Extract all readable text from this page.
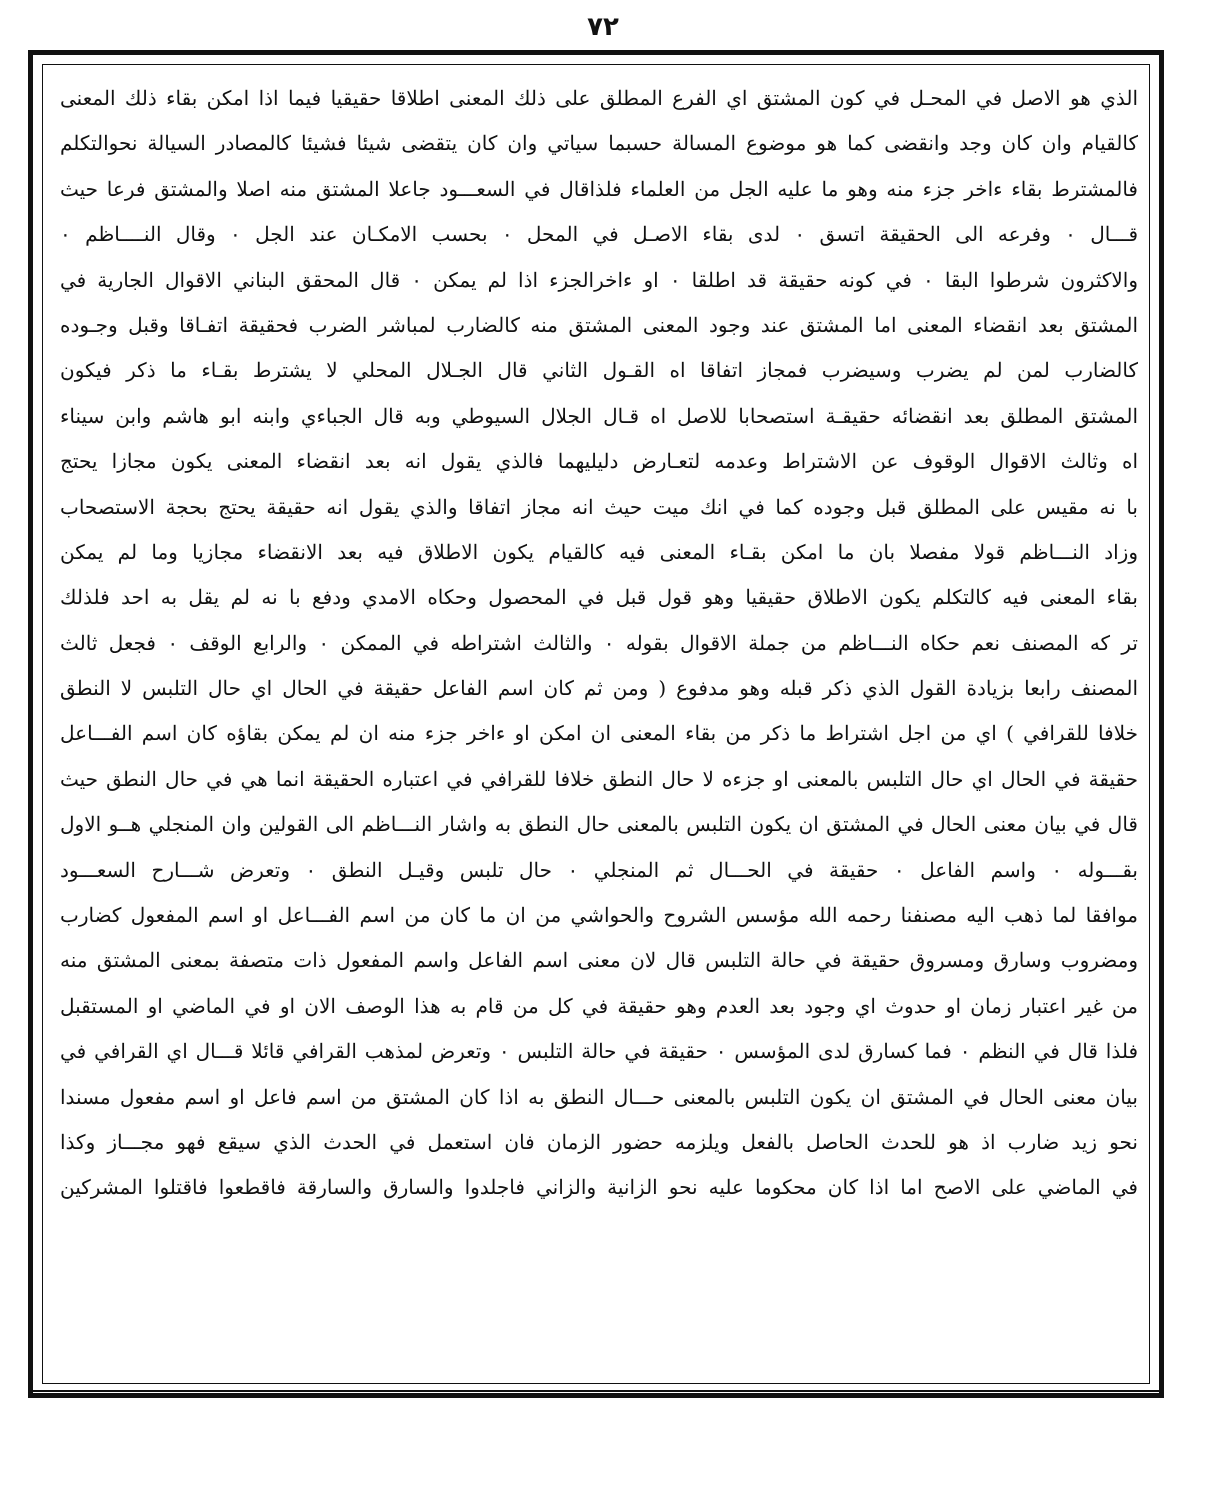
٧٢
الذي هو الاصل في المحـل في كون المشتق اي الفرع المطلق على ذلك المعنى اطلاقا حقيقيا فيما اذا امكن بقاء ذلك المعنى
كالقيام وان كان وجد وانقضى كما هو موضوع المسالة حسبما سياتي وان كان يتقضى شيئا فشيئا كالمصادر السيالة نحوالتكلم
فالمشترط بقاء ءاخر جزء منه وهو ما عليه الجل من العلماء فلذاقال في السعـــود جاعلا المشتق منه اصلا والمشتق فرعا حيث
قـــال ٠ وفرعه الى الحقيقة اتسق ٠ لدى بقاء الاصـل في المحل ٠ بحسب الامكـان عند الجل ٠ وقال النــــاظم ٠
والاكثرون شرطوا البقا ٠ في كونه حقيقة قد اطلقا ٠ او ءاخرالجزء اذا لم يمكن ٠ قال المحقق البناني الاقوال الجارية في
المشتق بعد انقضاء المعنى اما المشتق عند وجود المعنى المشتق منه كالضارب لمباشر الضرب فحقيقة اتفـاقا وقبل وجـوده
كالضارب لمن لم يضرب وسيضرب فمجاز اتفاقا اه القـول الثاني قال الجـلال المحلي لا يشترط بقـاء ما ذكر فيكون
المشتق المطلق بعد انقضائه حقيقـة استصحابا للاصل اه قـال الجلال السيوطي وبه قال الجباءي وابنه ابو هاشم وابن سيناء
اه وثالث الاقوال الوقوف عن الاشتراط وعدمه لتعـارض دليليهما فالذي يقول انه بعد انقضاء المعنى يكون مجازا يحتج
با نه مقيس على المطلق قبل وجوده كما في انك ميت حيث انه مجاز اتفاقا والذي يقول انه حقيقة يحتج بحجة الاستصحاب
وزاد النـــاظم قولا مفصلا بان ما امكن بقـاء المعنى فيه كالقيام يكون الاطلاق فيه بعد الانقضاء مجازيا وما لم يمكن
بقاء المعنى فيه كالتكلم يكون الاطلاق حقيقيا وهو قول قبل في المحصول وحكاه الامدي ودفع با نه لم يقل به احد فلذلك
تر كه المصنف نعم حكاه النـــاظم من جملة الاقوال بقوله ٠ والثالث اشتراطه في الممكن ٠ والرابع الوقف ٠ فجعل ثالث
المصنف رابعا بزيادة القول الذي ذكر قبله وهو مدفوع ( ومن ثم كان اسم الفاعل حقيقة في الحال اي حال التلبس لا النطق
خلافا للقرافي ) اي من اجل اشتراط ما ذكر من بقاء المعنى ان امكن او ءاخر جزء منه ان لم يمكن بقاؤه كان اسم الفـــاعل
حقيقة في الحال اي حال التلبس بالمعنى او جزءه لا حال النطق خلافا للقرافي في اعتباره الحقيقة انما هي في حال النطق حيث
قال في بيان معنى الحال في المشتق ان يكون التلبس بالمعنى حال النطق به واشار النـــاظم الى القولين وان المنجلي هــو الاول
بقـــوله ٠ واسم الفاعل ٠ حقيقة في الحـــال ثم المنجلي ٠ حال تلبس وقيـل النطق ٠ وتعرض شـــارح السعـــود
موافقا لما ذهب اليه مصنفنا رحمه الله مؤسس الشروح والحواشي من ان ما كان من اسم الفـــاعل او اسم المفعول كضارب
ومضروب وسارق ومسروق حقيقة في حالة التلبس قال لان معنى اسم الفاعل واسم المفعول ذات متصفة بمعنى المشتق منه
من غير اعتبار زمان او حدوث اي وجود بعد العدم وهو حقيقة في كل من قام به هذا الوصف الان او في الماضي او المستقبل
فلذا قال في النظم ٠ فما كسارق لدى المؤسس ٠ حقيقة في حالة التلبس ٠ وتعرض لمذهب القرافي قائلا قـــال اي القرافي في
بيان معنى الحال في المشتق ان يكون التلبس بالمعنى حـــال النطق به اذا كان المشتق من اسم فاعل او اسم مفعول مسندا
نحو زيد ضارب اذ هو للحدث الحاصل بالفعل ويلزمه حضور الزمان فان استعمل في الحدث الذي سيقع فهو مجـــاز وكذا
في الماضي على الاصح اما اذا كان محكوما عليه نحو الزانية والزاني فاجلدوا والسارق والسارقة فاقطعوا فاقتلوا المشركين
